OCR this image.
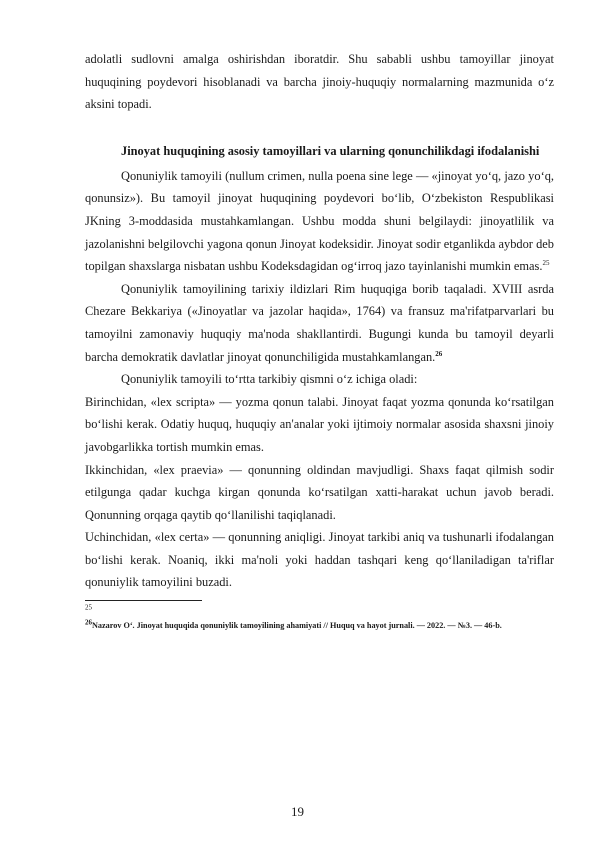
adolatli sudlovni amalga oshirishdan iboratdir. Shu sababli ushbu tamoyillar jinoyat huquqining poydevori hisoblanadi va barcha jinoiy-huquqiy normalarning mazmunida o‘z aksini topadi.

Jinoyat huquqining asosiy tamoyillari va ularning qonunchilikdagi ifodalanishi

Qonuniylik tamoyili (nullum crimen, nulla poena sine lege — «jinoyat yo‘q, jazo yo‘q, qonunsiz»). Bu tamoyil jinoyat huquqining poydevori bo‘lib, O‘zbekiston Respublikasi JKning 3-moddasida mustahkamlangan. Ushbu modda shuni belgilaydi: jinoyatlilik va jazolanishni belgilovchi yagona qonun Jinoyat kodeksidir. Jinoyat sodir etganlikda aybdor deb topilgan shaxslarga nisbatan ushbu Kodeksdagidan og‘irroq jazo tayinlanishi mumkin emas.$^{25}$

Qonuniylik tamoyilining tarixiy ildizlari Rim huquqiga borib taqaladi. XVIII asrda Chezare Bekkariya («Jinoyatlar va jazolar haqida», 1764) va fransuz ma'rifatparvarlari bu tamoyilni zamonaviy huquqiy ma'noda shakllantirdi. Bugungi kunda bu tamoyil deyarli barcha demokratik davlatlar jinoyat qonunchiligida mustahkamlangan.$^{26}$

Qonuniylik tamoyili to‘rtta tarkibiy qismni o‘z ichiga oladi:

Birinchidan, «lex scripta» — yozma qonun talabi. Jinoyat faqat yozma qonunda ko‘rsatilgan bo‘lishi kerak. Odatiy huquq, huquqiy an'analar yoki ijtimoiy normalar asosida shaxsni jinoiy javobgarlikka tortish mumkin emas.

Ikkinchidan, «lex praevia» — qonunning oldindan mavjudligi. Shaxs faqat qilmish sodir etilgunga qadar kuchga kirgan qonunda ko‘rsatilgan xatti-harakat uchun javob beradi. Qonunning orqaga qaytib qo‘llanilishi taqiqlanadi.

Uchinchidan, «lex certa» — qonunning aniqligi. Jinoyat tarkibi aniq va tushunarli ifodalangan bo‘lishi kerak. Noaniq, ikki ma'noli yoki haddan tashqari keng qo‘llaniladigan ta'riflar qonuniylik tamoyilini buzadi.

$^{25}$
$^{26}$Nazarov O‘. Jinoyat huquqida qonuniylik tamoyilining ahamiyati // Huquq va hayot jurnali. — 2022. — №3. — 46-b.
19
